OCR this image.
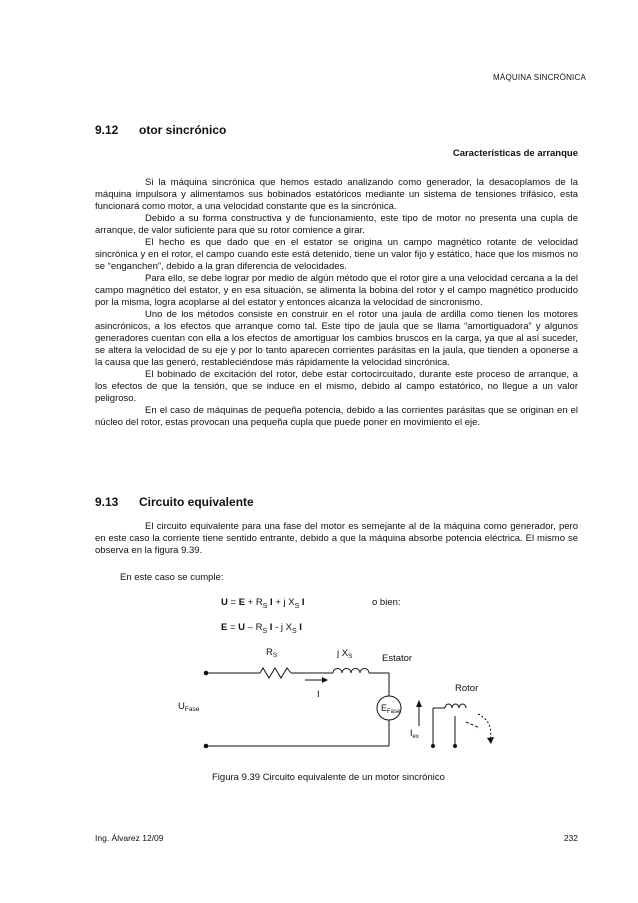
MÁQUINA SINCRÓNICA
9.12 otor sincrónico
Características de arranque

Si la máquina sincrónica que hemos estado analizando como generador, la desacoplamos de la máquina impulsora y alimentamos sus bobinados estatóricos mediante un sistema de tensiones trifásico, esta funcionará como motor, a una velocidad constante que es la sincrónica.

Debido a su forma constructiva y de funcionamiento, este tipo de motor no presenta una cupla de arranque, de valor suficiente para que su rotor comience a girar.

El hecho es que dado que en el estator se origina un campo magnético rotante de velocidad sincrónica y en el rotor, el campo cuando este está detenido, tiene un valor fijo y estático, hace que los mismos no se “enganchen”, debido a la gran diferencia de velocidades.

Para ello, se debe lograr por medio de algún método que el rotor gire a una velocidad cercana a la del campo magnético del estator, y en esa situación, se alimenta la bobina del rotor y el campo magnético producido por la misma, logra acoplarse al del estator y entonces alcanza la velocidad de sincronismo.

Uno de los métodos consiste en construir en el rotor una jaula de ardilla como tienen los motores asincrónicos, a los efectos que arranque como tal. Este tipo de jaula que se llama “amortiguadora” y algunos generadores cuentan con ella a los efectos de amortiguar los cambios bruscos en la carga, ya que al así suceder, se altera la velocidad de su eje y por lo tanto aparecen corrientes parásitas en la jaula, que tienden a oponerse a la causa que las generó, restableciéndose más rápidamente la velocidad sincrónica.

El bobinado de excitación del rotor, debe estar cortocircuitado, durante este proceso de arranque, a los efectos de que la tensión, que se induce en el mismo, debido al campo estatórico, no llegue a un valor peligroso.

En el caso de máquinas de pequeña potencia, debido a las corrientes parásitas que se originan en el núcleo del rotor, estas provocan una pequeña cupla que puede poner en movimiento el eje.

9.13 Circuito equivalente

El circuito equivalente para una fase del motor es semejante al de la máquina como generador, pero en este caso la corriente tiene sentido entrante, debido a que la máquina absorbe potencia eléctrica. El mismo se observa en la figura 9.39.

En este caso se cumple:
$U = E + R_S$ I + j $X_S$ I	o bien:
$E = U - R_S$ I - j $X_S$ I
$R_S$	j $X_S$	Estator
Rotor
I
$U_{Fase}$	$E_{Fase}$
$I_{ex}$
Figura 9.39 Circuito equivalente de un motor sincrónico
Ing. Álvarez 12/09	232
